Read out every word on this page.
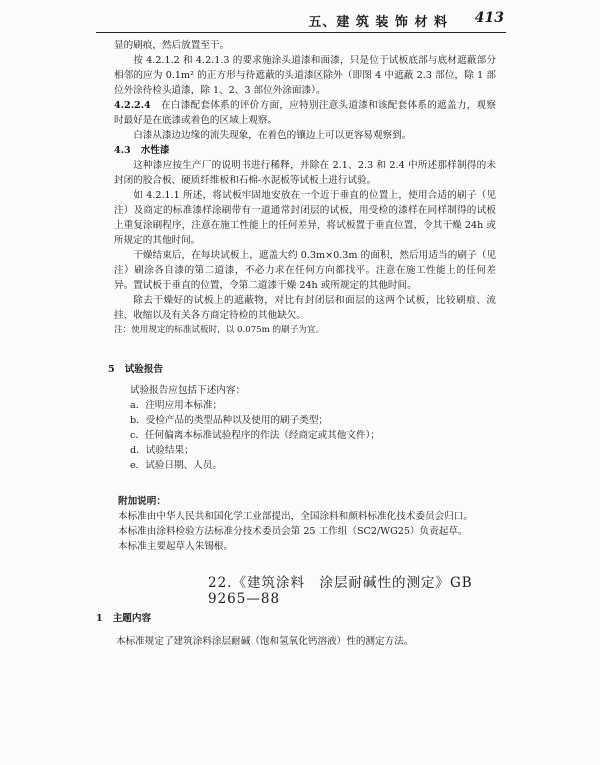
五、建 筑 装 饰 材 料 413

显的刷痕，然后放置至干。

按 4.2.1.2 和 4.2.1.3 的要求施涂头道漆和面漆，只是位于试板底部与底材遮蔽部分相邻的应为 0.1m² 的正方形与待遮蔽的头道漆区除外（即图 4 中遮蔽 2.3 部位，除 1 部位外涂待检头道漆，除 1、2、3 部位外涂面漆）。

4.2.2.4 在白漆配套体系的评价方面，应特别注意头道漆和该配套体系的遮盖力，观察时最好是在底漆或着色的区域上观察。

白漆从漆边边缘的流失现象，在着色的镶边上可以更容易观察到。

4.3 水性漆

这种漆应按生产厂的说明书进行稀释，并除在 2.1、2.3 和 2.4 中所述那样制得的未封闭的胶合板、硬质纤维板和石棉-水泥板等试板上进行试验。

如 4.2.1.1 所述，将试板牢固地安放在一个近于垂直的位置上，使用合适的刷子（见注）及商定的标准漆样涂刷带有一道通常封闭层的试板，用受检的漆样在同样制得的试板上重复涂刷程序，注意在施工性能上的任何差异，将试板置于垂直位置，令其干燥 24h 或所规定的其他时间。

干燥结束后，在每块试板上，遮盖大约 0.3m×0.3m 的面积，然后用适当的刷子（见注）刷涂各自漆的第二道漆，不必力求在任何方向都找平。注意在施工性能上的任何差异。置试板于垂直的位置，令第二道漆干燥 24h 或所规定的其他时间。

除去干燥好的试板上的遮蔽物，对比有封闭层和面层的这两个试板，比较刷痕、流挂、收缩以及有关各方商定待检的其他缺欠。

注：使用规定的标准试板时，以 0.075m 的刷子为宜。

5 试验报告

试验报告应包括下述内容：

a．注明应用本标准；

b．受检产品的类型品种以及使用的刷子类型；

c．任何偏离本标准试验程序的作法（经商定或其他文件）；

d．试验结果；

e．试验日期、人员。

附加说明：

本标准由中华人民共和国化学工业部提出，全国涂料和颜料标准化技术委员会归口。

本标准由涂料检验方法标准分技术委员会第 25 工作组（SC2/WG25）负责起草。

本标准主要起草人朱锡根。

22.《建筑涂料　涂层耐碱性的测定》GB 9265—88
1 主题内容

本标准规定了建筑涂料涂层耐碱（饱和氢氧化钙溶液）性的测定方法。
